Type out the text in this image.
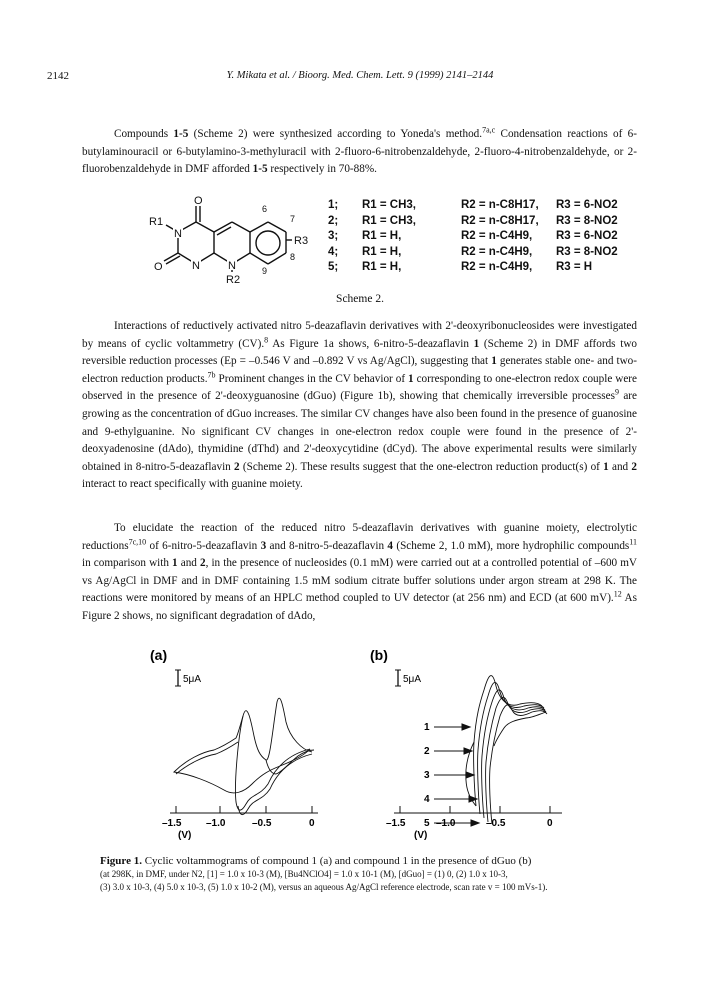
2142	Y. Mikata et al. / Bioorg. Med. Chem. Lett. 9 (1999) 2141–2144
Compounds 1-5 (Scheme 2) were synthesized according to Yoneda's method.$^{7a,c}$ Condensation reactions of 6-butylaminouracil or 6-butylamino-3-methyluracil with 2-fluoro-6-nitrobenzaldehyde, 2-fluoro-4-nitrobenzaldehyde, or 2-fluorobenzaldehyde in DMF afforded 1-5 respectively in 70-88%.
N
N	N
O
O
R1
R2
R3
6
7
8
9
1; R1 = CH3,	R2 = n-C8H17, R3 = 6-NO2
2; R1 = CH3,	R2 = n-C8H17, R3 = 8-NO2
3; R1 = H,	R2 = n-C4H9, R3 = 6-NO2
4; R1 = H,	R2 = n-C4H9, R3 = 8-NO2
5; R1 = H,	R2 = n-C4H9, R3 = H
Scheme 2.
Interactions of reductively activated nitro 5-deazaflavin derivatives with 2'-deoxyribonucleosides were investigated by means of cyclic voltammetry (CV).$^8$ As Figure 1a shows, 6-nitro-5-deazaflavin 1 (Scheme 2) in DMF affords two reversible reduction processes (Ep = –0.546 V and –0.892 V vs Ag/AgCl), suggesting that 1 generates stable one- and two-electron reduction products.$^{7b}$ Prominent changes in the CV behavior of 1 corresponding to one-electron redox couple were observed in the presence of 2'-deoxyguanosine (dGuo) (Figure 1b), showing that chemically irreversible processes$^9$ are growing as the concentration of dGuo increases. The similar CV changes have also been found in the presence of guanosine and 9-ethylguanine. No significant CV changes in one-electron redox couple were found in the presence of 2'-deoxyadenosine (dAdo), thymidine (dThd) and 2'-deoxycytidine (dCyd). The above experimental results were similarly obtained in 8-nitro-5-deazaflavin 2 (Scheme 2). These results suggest that the one-electron reduction product(s) of 1 and 2 interact to react specifically with guanine moiety.
To elucidate the reaction of the reduced nitro 5-deazaflavin derivatives with guanine moiety, electrolytic reductions$^{7c,10}$ of 6-nitro-5-deazaflavin 3 and 8-nitro-5-deazaflavin 4 (Scheme 2, 1.0 mM), more hydrophilic compounds$^{11}$ in comparison with 1 and 2, in the presence of nucleosides (0.1 mM) were carried out at a controlled potential of –600 mV vs Ag/AgCl in DMF and in DMF containing 1.5 mM sodium citrate buffer solutions under argon stream at 298 K. The reactions were monitored by means of an HPLC method coupled to UV detector (at 256 nm) and ECD (at 600 mV).$^{12}$ As Figure 2 shows, no significant degradation of dAdo,
(a)
5μA
–1.5 –1.0	–0.5	0
(V)
(b)
5μA
1
2
3
4
5
–1.5	–1.0	–0.5	0
(V)
Figure 1. Cyclic voltammograms of compound 1 (a) and compound 1 in the presence of dGuo (b)
(at 298K, in DMF, under N2, [1] = 1.0 x 10-3 (M), [Bu4NClO4] = 1.0 x 10-1 (M), [dGuo] = (1) 0, (2) 1.0 x 10-3,
(3) 3.0 x 10-3, (4) 5.0 x 10-3, (5) 1.0 x 10-2 (M), versus an aqueous Ag/AgCl reference electrode, scan rate v = 100 mVs-1).
